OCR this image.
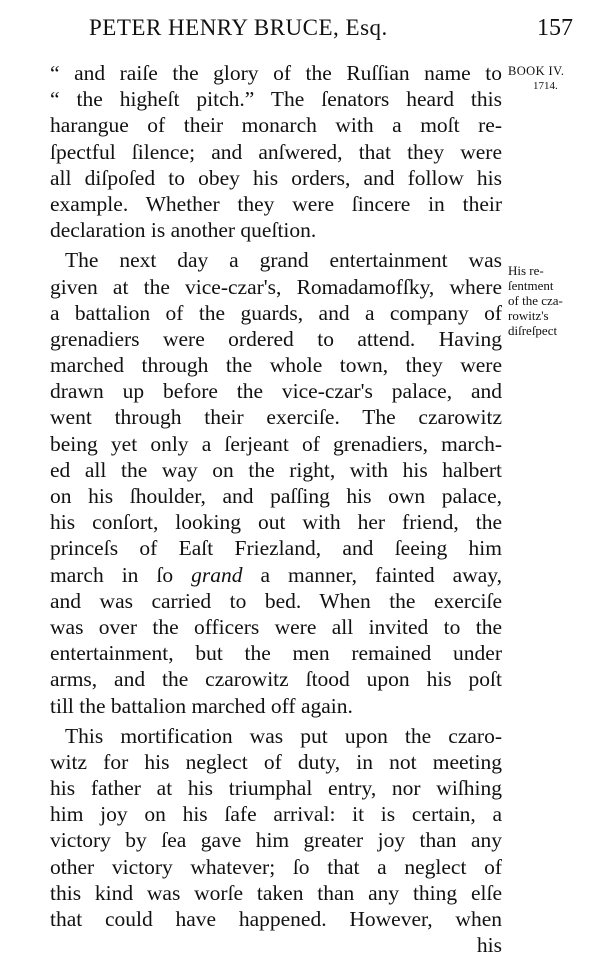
PETER HENRY BRUCE, Esq.	157
BOOK IV.
1714.
His re-
ſentment
of the cza-
rowitz's
diſreſpect
“ and raiſe the glory of the Ruſſian name to
“ the higheſt pitch.” The ſenators heard this
harangue of their monarch with a moſt re-
ſpectful ſilence; and anſwered, that they were
all diſpoſed to obey his orders, and follow his
example. Whether they were ſincere in their
declaration is another queſtion.
The next day a grand entertainment was
given at the vice-czar's, Romadamofſky, where
a battalion of the guards, and a company of
grenadiers were ordered to attend. Having
marched through the whole town, they were
drawn up before the vice-czar's palace, and
went through their exerciſe. The czarowitz
being yet only a ſerjeant of grenadiers, march-
ed all the way on the right, with his halbert
on his ſhoulder, and paſſing his own palace,
his conſort, looking out with her friend, the
princeſs of Eaſt Friezland, and ſeeing him
march in ſo grand a manner, fainted away,
and was carried to bed. When the exerciſe
was over the officers were all invited to the
entertainment, but the men remained under
arms, and the czarowitz ſtood upon his poſt
till the battalion marched off again.
This mortification was put upon the czaro-
witz for his neglect of duty, in not meeting
his father at his triumphal entry, nor wiſhing
him joy on his ſafe arrival: it is certain, a
victory by ſea gave him greater joy than any
other victory whatever; ſo that a neglect of
this kind was worſe taken than any thing elſe
that could have happened. However, when
his
